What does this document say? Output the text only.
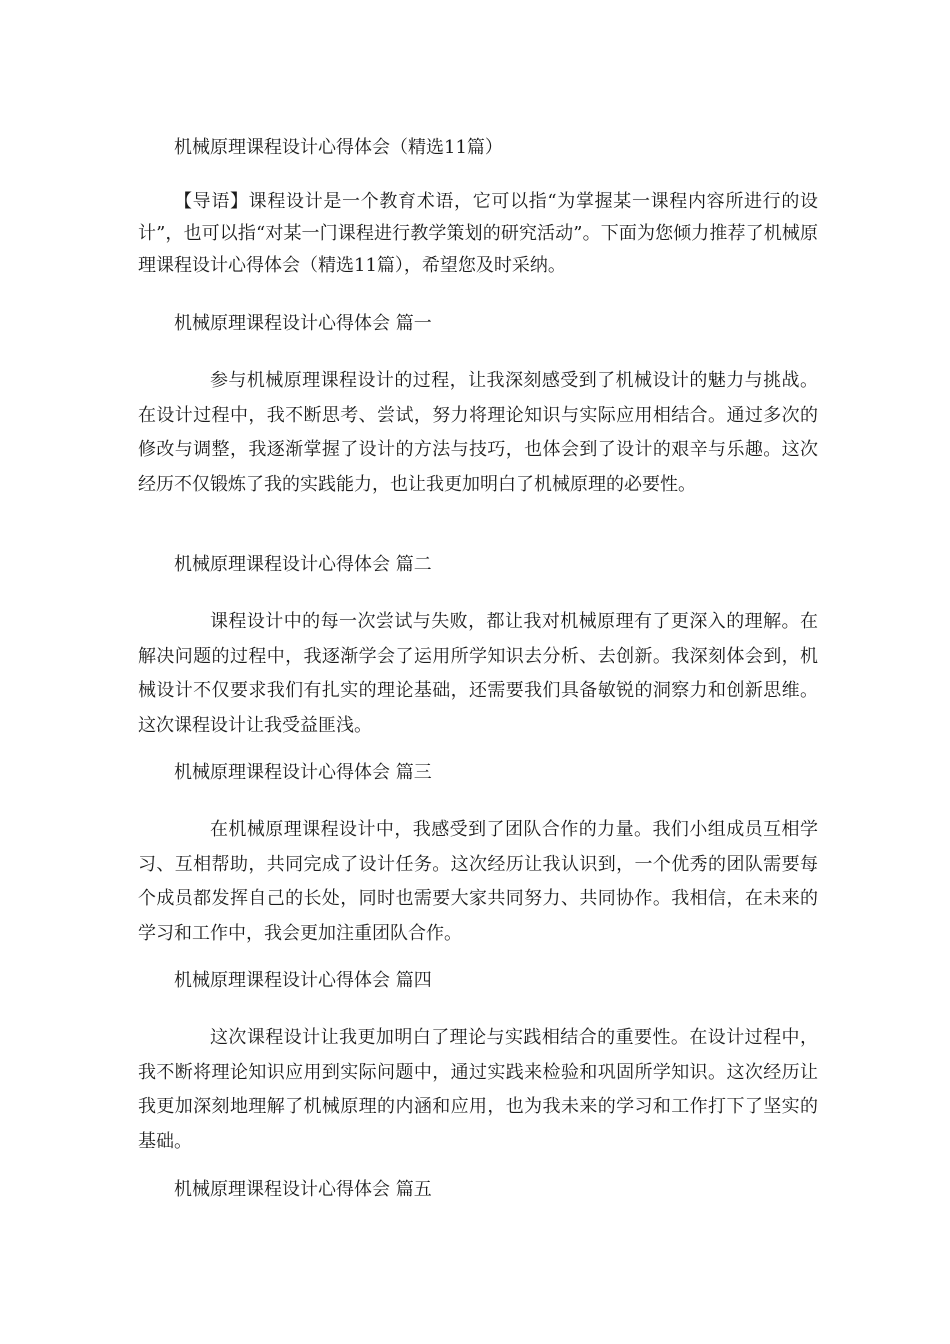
机械原理课程设计心得体会（精选11篇）

【导语】课程设计是一个教育术语，它可以指“为掌握某一课程内容所进行的设计”，也可以指“对某一门课程进行教学策划的研究活动”。下面为您倾力推荐了机械原理课程设计心得体会（精选11篇），希望您及时采纳。

机械原理课程设计心得体会 篇一

参与机械原理课程设计的过程，让我深刻感受到了机械设计的魅力与挑战。在设计过程中，我不断思考、尝试，努力将理论知识与实际应用相结合。通过多次的修改与调整，我逐渐掌握了设计的方法与技巧，也体会到了设计的艰辛与乐趣。这次经历不仅锻炼了我的实践能力，也让我更加明白了机械原理的必要性。

机械原理课程设计心得体会 篇二

课程设计中的每一次尝试与失败，都让我对机械原理有了更深入的理解。在解决问题的过程中，我逐渐学会了运用所学知识去分析、去创新。我深刻体会到，机械设计不仅要求我们有扎实的理论基础，还需要我们具备敏锐的洞察力和创新思维。这次课程设计让我受益匪浅。

机械原理课程设计心得体会 篇三

在机械原理课程设计中，我感受到了团队合作的力量。我们小组成员互相学习、互相帮助，共同完成了设计任务。这次经历让我认识到，一个优秀的团队需要每个成员都发挥自己的长处，同时也需要大家共同努力、共同协作。我相信，在未来的学习和工作中，我会更加注重团队合作。

机械原理课程设计心得体会 篇四

这次课程设计让我更加明白了理论与实践相结合的重要性。在设计过程中，我不断将理论知识应用到实际问题中，通过实践来检验和巩固所学知识。这次经历让我更加深刻地理解了机械原理的内涵和应用，也为我未来的学习和工作打下了坚实的基础。

机械原理课程设计心得体会 篇五
